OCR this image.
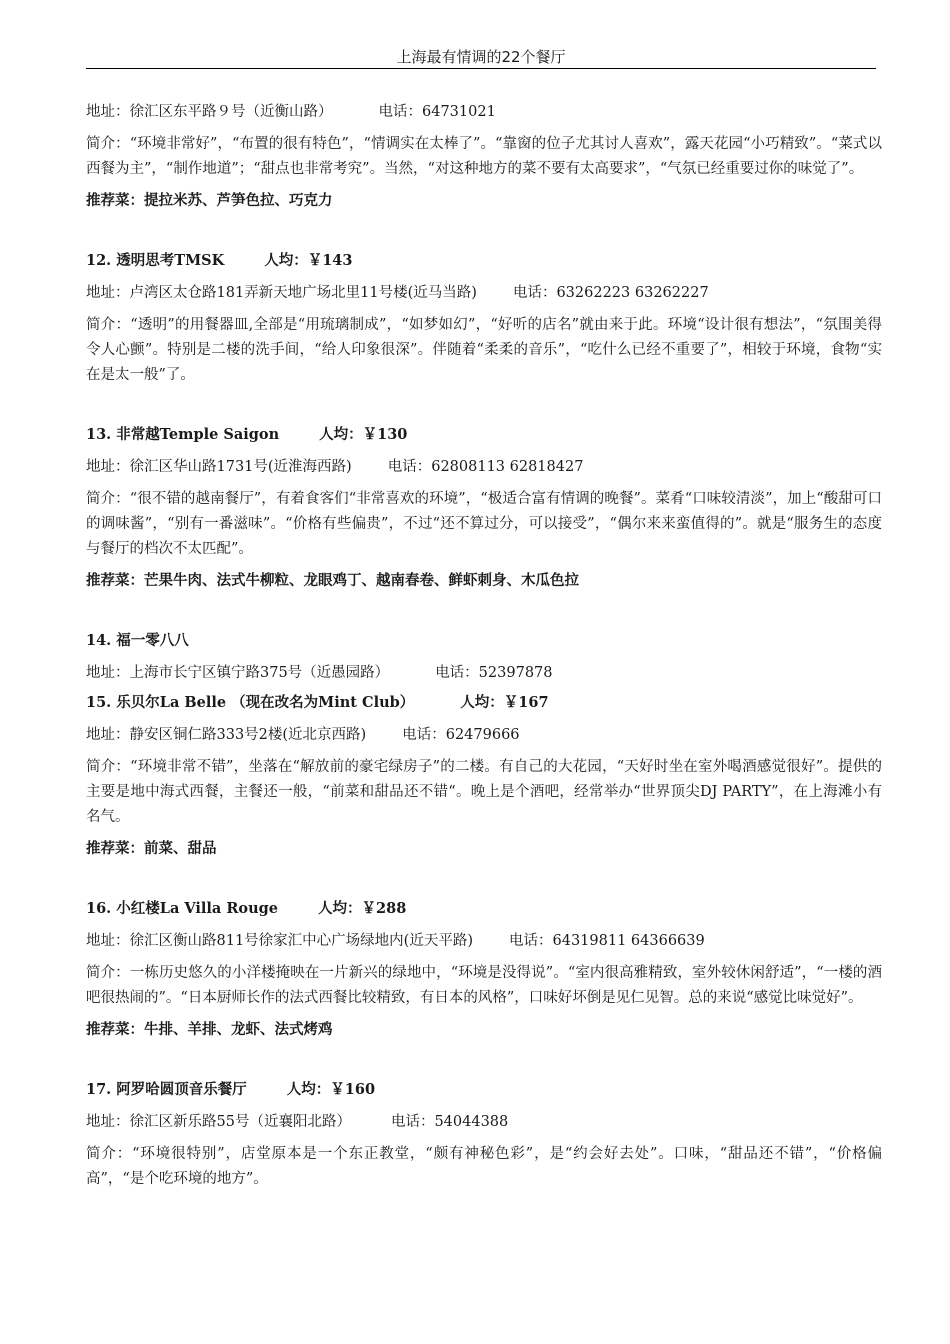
上海最有情调的22个餐厅
地址：徐汇区东平路９号（近衡山路）	电话：64731021
简介：“环境非常好”，“布置的很有特色”，“情调实在太棒了”。“靠窗的位子尤其讨人喜欢”，露天花园“小巧精致”。“菜式以西餐为主”，“制作地道”；“甜点也非常考究”。当然，“对这种地方的菜不要有太高要求”，“气氛已经重要过你的味觉了”。
推荐菜：提拉米苏、芦笋色拉、巧克力
12. 透明思考TMSK	人均：￥143
地址：卢湾区太仓路181弄新天地广场北里11号楼(近马当路) 电话：63262223 63262227
简介：“透明”的用餐器皿,全部是“用琉璃制成”，“如梦如幻”，“好听的店名”就由来于此。环境“设计很有想法”，“氛围美得令人心颤”。特别是二楼的洗手间，“给人印象很深”。伴随着“柔柔的音乐”，“吃什么已经不重要了”，相较于环境，食物“实在是太一般”了。
13. 非常越Temple Saigon	人均：￥130
地址：徐汇区华山路1731号(近淮海西路) 电话：62808113 62818427
简介：“很不错的越南餐厅”，有着食客们“非常喜欢的环境”，“极适合富有情调的晚餐”。菜肴“口味较清淡”，加上“酸甜可口的调味酱”，“别有一番滋味”。“价格有些偏贵”，不过“还不算过分，可以接受”，“偶尔来来蛮值得的”。就是“服务生的态度与餐厅的档次不太匹配”。
推荐菜：芒果牛肉、法式牛柳粒、龙眼鸡丁、越南春卷、鲜虾刺身、木瓜色拉
14. 福一零八八
地址：上海市长宁区镇宁路375号（近愚园路）	电话：52397878
15. 乐贝尔La Belle （现在改名为Mint Club）	人均：￥167
地址：静安区铜仁路333号2楼(近北京西路) 电话：62479666
简介：“环境非常不错”，坐落在“解放前的豪宅绿房子”的二楼。有自己的大花园，“天好时坐在室外喝酒感觉很好”。提供的主要是地中海式西餐，主餐还一般，“前菜和甜品还不错“。晚上是个酒吧，经常举办“世界顶尖DJ PARTY”，在上海滩小有名气。
推荐菜：前菜、甜品
16. 小红楼La Villa Rouge	人均：￥288
地址：徐汇区衡山路811号徐家汇中心广场绿地内(近天平路) 电话：64319811 64366639
简介：一栋历史悠久的小洋楼掩映在一片新兴的绿地中，“环境是没得说”。“室内很高雅精致，室外较休闲舒适”，“一楼的酒吧很热闹的”。“日本厨师长作的法式西餐比较精致，有日本的风格”，口味好坏倒是见仁见智。总的来说“感觉比味觉好”。
推荐菜：牛排、羊排、龙虾、法式烤鸡
17. 阿罗哈圆顶音乐餐厅	人均：￥160
地址：徐汇区新乐路55号（近襄阳北路）	电话：54044388
简介：“环境很特别”，店堂原本是一个东正教堂，“颇有神秘色彩”，是“约会好去处”。口味，“甜品还不错”，“价格偏高”，“是个吃环境的地方”。
